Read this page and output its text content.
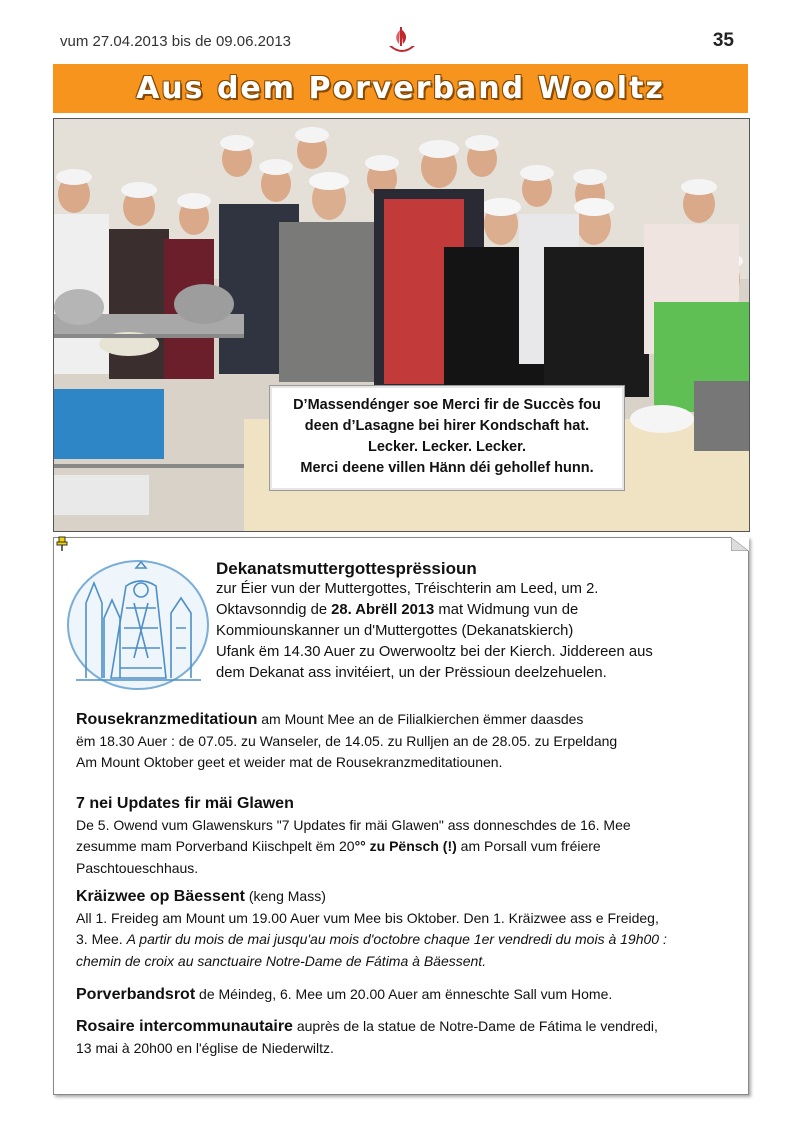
vum 27.04.2013 bis de 09.06.2013	35
Aus dem Porverband Wooltz

D’Massendénger soe Merci fir de Succès fou

deen d’Lasagne bei hirer Kondschaft hat.

Lecker. Lecker. Lecker.

Merci deene villen Hänn déi gehollef hunn.

Dekanatsmuttergottesprëssioun

zur Éier vun der Muttergottes, Tréischterin am Leed, um 2.

Oktavsonndig de 28. Abrëll 2013 mat Widmung vun de

Kommiounskanner un d'Muttergottes (Dekanatskierch)

Ufank ëm 14.30 Auer zu Owerwooltz bei der Kierch. Jiddereen aus

dem Dekanat ass invitéiert, un der Prëssioun deelzehuelen.

Rousekranzmeditatioun am Mount Mee an de Filialkierchen ëmmer daasdes

ëm 18.30 Auer : de 07.05. zu Wanseler, de 14.05. zu Rulljen an de 28.05. zu Erpeldang

Am Mount Oktober geet et weider mat de Rousekranzmeditatiounen.

7 nei Updates fir mäi Glawen

De 5. Owend vum Glawenskurs "7 Updates fir mäi Glawen" ass donneschdes de 16. Mee

zesumme mam Porverband Kiischpelt ëm 20°° zu Pënsch (!) am Porsall vum fréiere

Paschtoueschhaus.

Kräizwee op Bäessent (keng Mass)

All 1. Freideg am Mount um 19.00 Auer vum Mee bis Oktober. Den 1. Kräizwee ass e Freideg,

3. Mee. A partir du mois de mai jusqu'au mois d'octobre chaque 1er vendredi du mois à 19h00 :

chemin de croix au sanctuaire Notre-Dame de Fátima à Bäessent.

Porverbandsrot de Méindeg, 6. Mee um 20.00 Auer am ënneschte Sall vum Home.

Rosaire intercommunautaire auprès de la statue de Notre-Dame de Fátima le vendredi,

13 mai à 20h00 en l'église de Niederwiltz.
